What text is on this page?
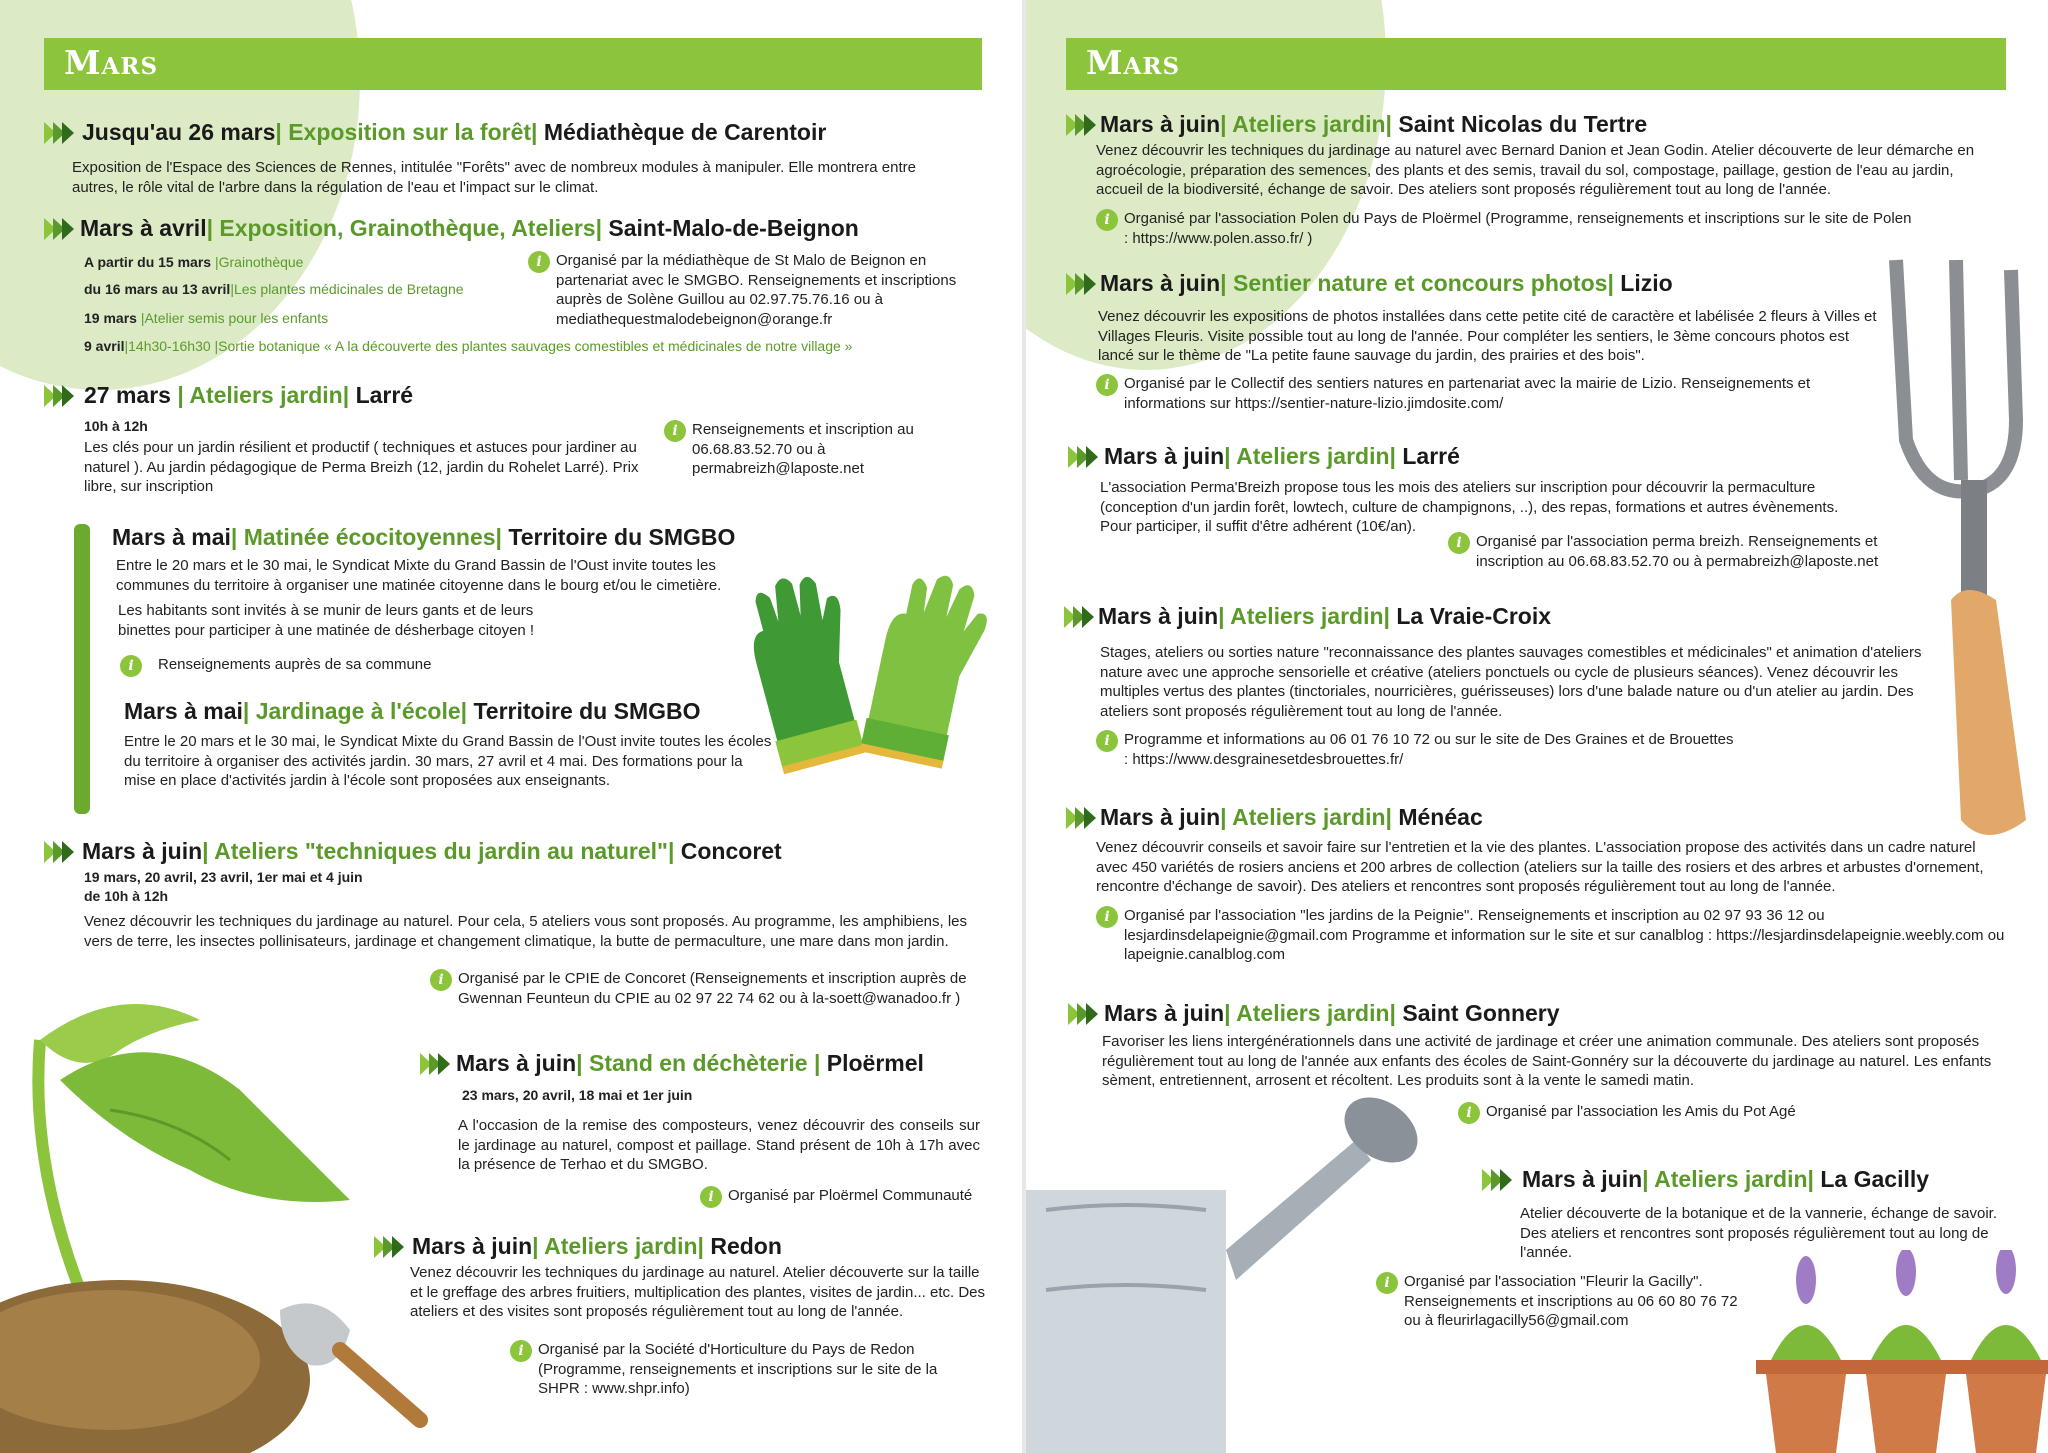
Mars
Jusqu'au 26 mars| Exposition sur la forêt| Médiathèque de Carentoir
Exposition de l'Espace des Sciences de Rennes, intitulée "Forêts" avec de nombreux modules à manipuler. Elle montrera entre autres, le rôle vital de l'arbre dans la régulation de l'eau et l'impact sur le climat.
Mars à avril| Exposition, Grainothèque, Ateliers| Saint-Malo-de-Beignon
A partir du 15 mars |Grainothèque
du 16 mars au 13 avril|Les plantes médicinales de Bretagne
19 mars |Atelier semis pour les enfants
9 avril|14h30-16h30 |Sortie botanique « A la découverte des plantes sauvages comestibles et médicinales de notre village »
i Organisé par la médiathèque de St Malo de Beignon en partenariat avec le SMGBO. Renseignements et inscriptions auprès de Solène Guillou au 02.97.75.76.16 ou à mediathequestmalodebeignon@orange.fr
27 mars | Ateliers jardin| Larré
10h à 12h
Les clés pour un jardin résilient et productif ( techniques et astuces pour jardiner au naturel ). Au jardin pédagogique de Perma Breizh (12, jardin du Rohelet Larré). Prix libre, sur inscription
i Renseignements et inscription au 06.68.83.52.70 ou à permabreizh@laposte.net
Mars à mai| Matinée écocitoyennes| Territoire du SMGBO
Entre le 20 mars et le 30 mai, le Syndicat Mixte du Grand Bassin de l'Oust invite toutes les communes du territoire à organiser une matinée citoyenne dans le bourg et/ou le cimetière.
Les habitants sont invités à se munir de leurs gants et de leurs binettes pour participer à une matinée de désherbage citoyen !
i	Renseignements auprès de sa commune
Mars à mai| Jardinage à l'école| Territoire du SMGBO
Entre le 20 mars et le 30 mai, le Syndicat Mixte du Grand Bassin de l'Oust invite toutes les écoles du territoire à organiser des activités jardin. 30 mars, 27 avril et 4 mai. Des formations pour la mise en place d'activités jardin à l'école sont proposées aux enseignants.
Mars à juin| Ateliers "techniques du jardin au naturel"| Concoret
19 mars, 20 avril, 23 avril, 1er mai et 4 juin
de 10h à 12h
Venez découvrir les techniques du jardinage au naturel. Pour cela, 5 ateliers vous sont proposés. Au programme, les amphibiens, les vers de terre, les insectes pollinisateurs, jardinage et changement climatique, la butte de permaculture, une mare dans mon jardin.
i Organisé par le CPIE de Concoret (Renseignements et inscription auprès de Gwennan Feunteun du CPIE au 02 97 22 74 62 ou à la-soett@wanadoo.fr )
Mars à juin| Stand en déchèterie | Ploërmel
23 mars, 20 avril, 18 mai et 1er juin
A l'occasion de la remise des composteurs, venez découvrir des conseils sur le jardinage au naturel, compost et paillage. Stand présent de 10h à 17h avec la présence de Terhao et du SMGBO.
i Organisé par Ploërmel Communauté
Mars à juin| Ateliers jardin| Redon
Venez découvrir les techniques du jardinage au naturel. Atelier découverte sur la taille et le greffage des arbres fruitiers, multiplication des plantes, visites de jardin... etc. Des ateliers et des visites sont proposés régulièrement tout au long de l'année.
i Organisé par la Société d'Horticulture du Pays de Redon (Programme, renseignements et inscriptions sur le site de la SHPR : www.shpr.info)
Mars
Mars à juin| Ateliers jardin| Saint Nicolas du Tertre
Venez découvrir les techniques du jardinage au naturel avec Bernard Danion et Jean Godin. Atelier découverte de leur démarche en agroécologie, préparation des semences, des plants et des semis, travail du sol, compostage, paillage, gestion de l'eau au jardin, accueil de la biodiversité, échange de savoir. Des ateliers sont proposés régulièrement tout au long de l'année.
i Organisé par l'association Polen du Pays de Ploërmel (Programme, renseignements et inscriptions sur le site de Polen : https://www.polen.asso.fr/ )
Mars à juin| Sentier nature et concours photos| Lizio
Venez découvrir les expositions de photos installées dans cette petite cité de caractère et labélisée 2 fleurs à Villes et Villages Fleuris. Visite possible tout au long de l'année. Pour compléter les sentiers, le 3ème concours photos est lancé sur le thème de "La petite faune sauvage du jardin, des prairies et des bois".
i Organisé par le Collectif des sentiers natures en partenariat avec la mairie de Lizio. Renseignements et informations sur https://sentier-nature-lizio.jimdosite.com/
Mars à juin| Ateliers jardin| Larré
L'association Perma'Breizh propose tous les mois des ateliers sur inscription pour découvrir la permaculture (conception d'un jardin forêt, lowtech, culture de champignons, ..), des repas, formations et autres évènements. Pour participer, il suffit d'être adhérent (10€/an).
i Organisé par l'association perma breizh. Renseignements et inscription au 06.68.83.52.70 ou à permabreizh@laposte.net
Mars à juin| Ateliers jardin| La Vraie-Croix
Stages, ateliers ou sorties nature "reconnaissance des plantes sauvages comestibles et médicinales" et animation d'ateliers nature avec une approche sensorielle et créative (ateliers ponctuels ou cycle de plusieurs séances). Venez découvrir les multiples vertus des plantes (tinctoriales, nourricières, guérisseuses) lors d'une balade nature ou d'un atelier au jardin. Des ateliers sont proposés régulièrement tout au long de l'année.
i Programme et informations au 06 01 76 10 72 ou sur le site de Des Graines et de Brouettes : https://www.desgrainesetdesbrouettes.fr/
Mars à juin| Ateliers jardin| Ménéac
Venez découvrir conseils et savoir faire sur l'entretien et la vie des plantes. L'association propose des activités dans un cadre naturel avec 450 variétés de rosiers anciens et 200 arbres de collection (ateliers sur la taille des rosiers et des arbres et arbustes d'ornement, rencontre d'échange de savoir). Des ateliers et rencontres sont proposés régulièrement tout au long de l'année.
i Organisé par l'association "les jardins de la Peignie". Renseignements et inscription au 02 97 93 36 12 ou lesjardinsdelapeignie@gmail.com Programme et information sur le site et sur canalblog : https://lesjardinsdelapeignie.weebly.com ou lapeignie.canalblog.com
Mars à juin| Ateliers jardin| Saint Gonnery
Favoriser les liens intergénérationnels dans une activité de jardinage et créer une animation communale. Des ateliers sont proposés régulièrement tout au long de l'année aux enfants des écoles de Saint-Gonnéry sur la découverte du jardinage au naturel. Les enfants sèment, entretiennent, arrosent et récoltent. Les produits sont à la vente le samedi matin.
i Organisé par l'association les Amis du Pot Agé
Mars à juin| Ateliers jardin| La Gacilly
Atelier découverte de la botanique et de la vannerie, échange de savoir. Des ateliers et rencontres sont proposés régulièrement tout au long de l'année.
i Organisé par l'association "Fleurir la Gacilly". Renseignements et inscriptions au 06 60 80 76 72 ou à fleurirlagacilly56@gmail.com
